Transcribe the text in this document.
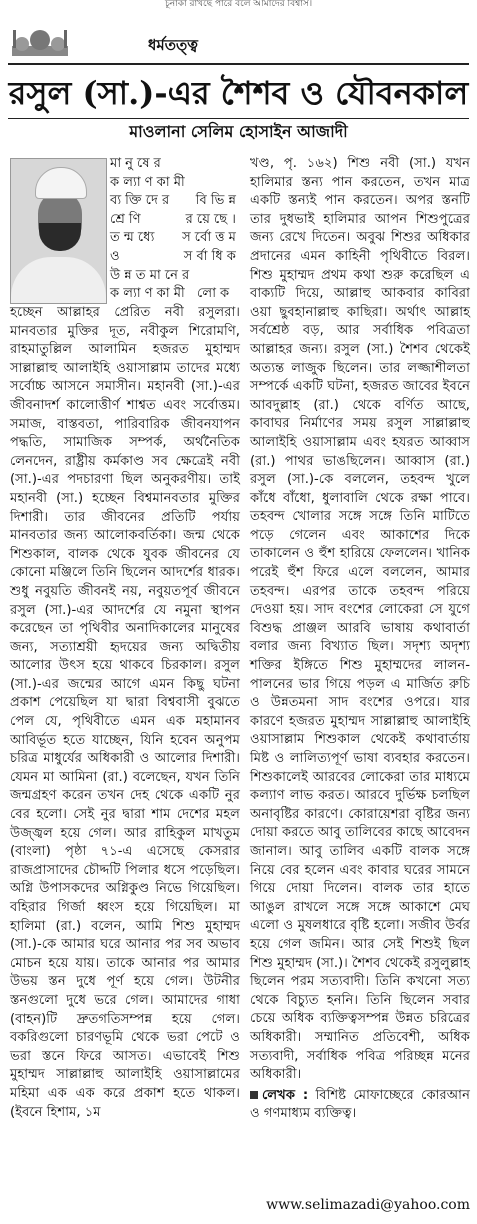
চূনাকা রাখছে পারে বলে আমাদের বিশ্বাস।
ধর্মতত্ত্ব
রসুল (সা.)-এর শৈশব ও যৌবনকাল
মাওলানা সেলিম হোসাইন আজাদী

মানুষের কল্যাণকামী ব্যক্তিদের বিভিন্ন শ্রেণি রয়েছে। তন্মধ্যে সর্বোত্তম ও সর্বাধিক উন্নতমানের কল্যাণকামী লোক

হচ্ছেন আল্লাহর প্রেরিত নবী রসুলরা। মানবতার মুক্তির দূত, নবীকুল শিরোমণি, রাহমাতুল্লিল আলামিন হজরত মুহাম্মদ সাল্লাল্লাহু আলাইহি ওয়াসাল্লাম তাদের মধ্যে সর্বোচ্চ আসনে সমাসীন। মহানবী (সা.)-এর জীবনাদর্শ কালোত্তীর্ণ শাশ্বত এবং সর্বোত্তম। সমাজ, বাস্তবতা, পারিবারিক জীবনযাপন পদ্ধতি, সামাজিক সম্পর্ক, অর্থনৈতিক লেনদেন, রাষ্ট্রীয় কর্মকাণ্ড সব ক্ষেত্রেই নবী (সা.)-এর পদচারণা ছিল অনুকরণীয়। তাই মহানবী (সা.) হচ্ছেন বিশ্বমানবতার মুক্তির দিশারী। তার জীবনের প্রতিটি পর্যায় মানবতার জন্য আলোকবর্তিকা। জন্ম থেকে শিশুকাল, বালক থেকে যুবক জীবনের যে কোনো মঞ্জিলে তিনি ছিলেন আদর্শের ধারক। শুধু নবুয়তি জীবনই নয়, নবুয়তপূর্ব জীবনে রসুল (সা.)-এর আদর্শের যে নমুনা স্থাপন করেছেন তা পৃথিবীর অনাদিকালের মানুষের জন্য, সত্যাশ্রয়ী হৃদয়ের জন্য অদ্বিতীয় আলোর উৎস হয়ে থাকবে চিরকাল। রসুল (সা.)-এর জন্মের আগে এমন কিছু ঘটনা প্রকাশ পেয়েছিল যা দ্বারা বিশ্ববাসী বুঝতে পেল যে, পৃথিবীতে এমন এক মহামানব আবির্ভূত হতে যাচ্ছেন, যিনি হবেন অনুপম চরিত্র মাধুর্যের অধিকারী ও আলোর দিশারী। যেমন মা আমিনা (রা.) বলেছেন, যখন তিনি জন্মগ্রহণ করেন তখন দেহ থেকে একটি নুর বের হলো। সেই নুর দ্বারা শাম দেশের মহল উজ্জ্বল হয়ে গেল। আর রাহিকুল মাখতুম (বাংলা) পৃষ্ঠা ৭১-এ এসেছে কেসরার রাজপ্রাসাদের চৌদ্দটি পিলার ধসে পড়েছিল। অগ্নি উপাসকদের অগ্নিকুণ্ড নিভে গিয়েছিল। বহিরার গির্জা ধ্বংস হয়ে গিয়েছিল। মা হালিমা (রা.) বলেন, আমি শিশু মুহাম্মদ (সা.)-কে আমার ঘরে আনার পর সব অভাব মোচন হয়ে যায়। তাকে আনার পর আমার উভয় স্তন দুধে পূর্ণ হয়ে গেল। উটনীর স্তনগুলো দুধে ভরে গেল। আমাদের গাধা (বাহন)টি দ্রুতগতিসম্পন্ন হয়ে গেল। বকরিগুলো চারণভূমি থেকে ভরা পেটে ও ভরা স্তনে ফিরে আসত। এভাবেই শিশু মুহাম্মদ সাল্লাল্লাহু আলাইহি ওয়াসাল্লামের মহিমা এক এক করে প্রকাশ হতে থাকল। (ইবনে হিশাম, ১ম

খণ্ড, পৃ. ১৬২) শিশু নবী (সা.) যখন হালিমার স্তন্য পান করতেন, তখন মাত্র একটি স্তন্যই পান করতেন। অপর স্তনটি তার দুধভাই হালিমার আপন শিশুপুত্রের জন্য রেখে দিতেন। অবুঝ শিশুর অধিকার প্রদানের এমন কাহিনী পৃথিবীতে বিরল। শিশু মুহাম্মদ প্রথম কথা শুরু করেছিল এ বাক্যটি দিয়ে, আল্লাহু আকবার কাবিরা ওয়া ছুবহানাল্লাহু কাছিরা। অর্থাৎ আল্লাহ সর্বশ্রেষ্ঠ বড়, আর সর্বাধিক পবিত্রতা আল্লাহর জন্য। রসুল (সা.) শৈশব থেকেই অত্যন্ত লাজুক ছিলেন। তার লজ্জাশীলতা সম্পর্কে একটি ঘটনা, হজরত জাবের ইবনে আবদুল্লাহ (রা.) থেকে বর্ণিত আছে, কাবাঘর নির্মাণের সময় রসুল সাল্লাল্লাহু আলাইহি ওয়াসাল্লাম এবং হযরত আব্বাস (রা.) পাথর ভাঙছিলেন। আব্বাস (রা.) রসুল (সা.)-কে বললেন, তহবন্দ খুলে কাঁধে বাঁধো, ধুলাবালি থেকে রক্ষা পাবে। তহবন্দ খোলার সঙ্গে সঙ্গে তিনি মাটিতে পড়ে গেলেন এবং আকাশের দিকে তাকালেন ও হুঁশ হারিয়ে ফেললেন। খানিক পরেই হুঁশ ফিরে এলে বললেন, আমার তহবন্দ। এরপর তাকে তহবন্দ পরিয়ে দেওয়া হয়। সাদ বংশের লোকেরা সে যুগে বিশুদ্ধ প্রাঞ্জল আরবি ভাষায় কথাবার্তা বলার জন্য বিখ্যাত ছিল। সদৃশ্য অদৃশ্য শক্তির ইঙ্গিতে শিশু মুহাম্মদের লালন-পালনের ভার গিয়ে পড়ল এ মার্জিত রুচি ও উন্নতমনা সাদ বংশের ওপরে। যার কারণে হজরত মুহাম্মদ সাল্লাল্লাহু আলাইহি ওয়াসাল্লাম শিশুকাল থেকেই কথাবার্তায় মিষ্ট ও লালিত্যপূর্ণ ভাষা ব্যবহার করতেন। শিশুকালেই আরবের লোকেরা তার মাধ্যমে কল্যাণ লাভ করত। আরবে দুর্ভিক্ষ চলছিল অনাবৃষ্টির কারণে। কোরায়েশরা বৃষ্টির জন্য দোয়া করতে আবু তালিবের কাছে আবেদন জানাল। আবু তালিব একটি বালক সঙ্গে নিয়ে বের হলেন এবং কাবার ঘরের সামনে গিয়ে দোয়া দিলেন। বালক তার হাতে আঙুল রাখলে সঙ্গে সঙ্গে আকাশে মেঘ এলো ও মুষলধারে বৃষ্টি হলো। সজীব উর্বর হয়ে গেল জমিন। আর সেই শিশুই ছিল শিশু মুহাম্মদ (সা.)। শৈশব থেকেই রসুলুল্লাহ ছিলেন পরম সত্যবাদী। তিনি কখনো সত্য থেকে বিচ্যুত হননি। তিনি ছিলেন সবার চেয়ে অধিক ব্যক্তিত্বসম্পন্ন উন্নত চরিত্রের অধিকারী। সম্মানিত প্রতিবেশী, অধিক সত্যবাদী, সর্বাধিক পবিত্র পরিচ্ছন্ন মনের অধিকারী।

লেখক : বিশিষ্ট মোফাচ্ছেরে কোরআন ও গণমাধ্যম ব্যক্তিত্ব।

www.selimazadi@yahoo.com
